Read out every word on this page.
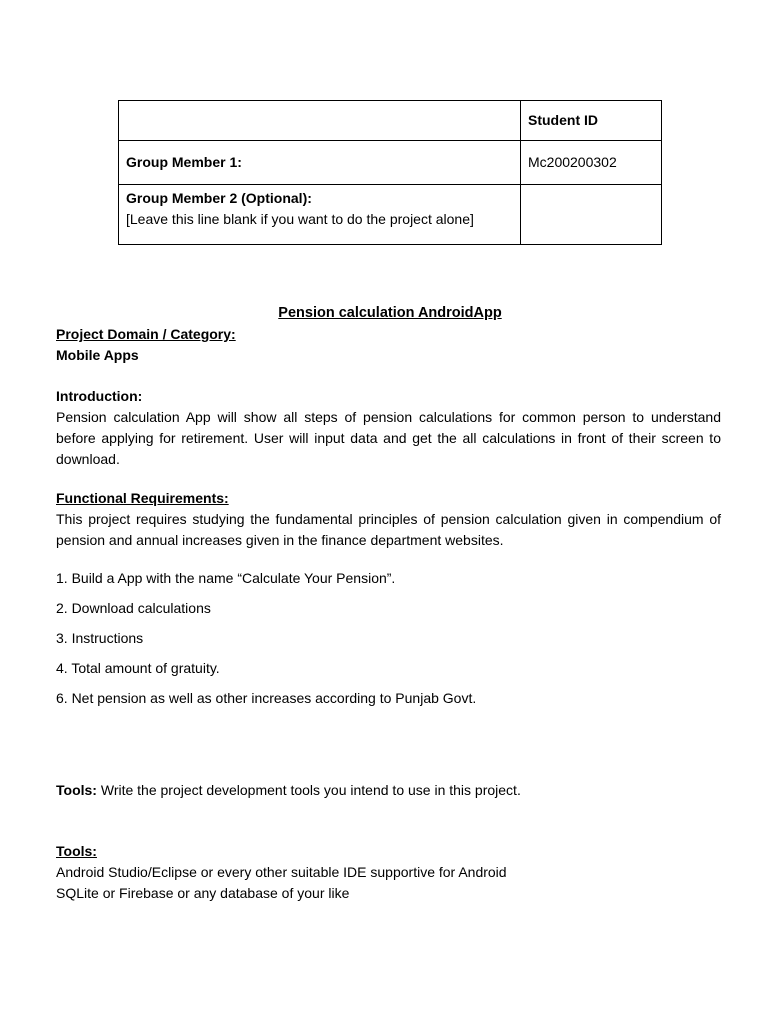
	Student ID
Group Member 1:	Mc200200302

Group Member 2 (Optional):
[Leave this line blank if you want to do the project alone]	

Pension calculation AndroidApp

Project Domain / Category:

Mobile Apps

Introduction:

Pension calculation App will show all steps of pension calculations for common person to understand before applying for retirement. User will input data and get the all calculations in front of their screen to download.

Functional Requirements:

This project requires studying the fundamental principles of pension calculation given in compendium of pension and annual increases given in the finance department websites.

1. Build a App with the name “Calculate Your Pension”.
2. Download calculations
3. Instructions
4. Total amount of gratuity.
6. Net pension as well as other increases according to Punjab Govt.
Tools: Write the project development tools you intend to use in this project.

Tools:

Android Studio/Eclipse or every other suitable IDE supportive for Android

SQLite or Firebase or any database of your like
